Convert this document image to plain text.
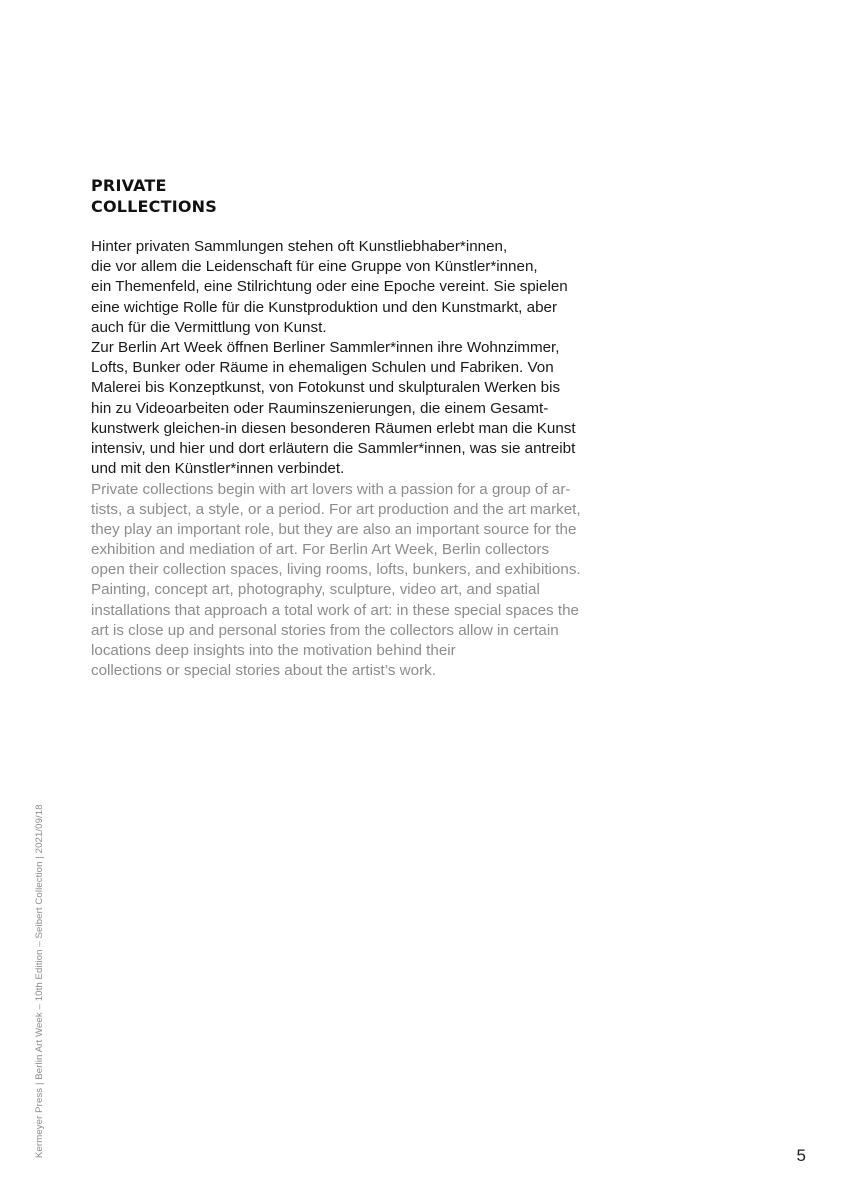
PRIVATE
COLLECTIONS
Hinter privaten Sammlungen stehen oft Kunstliebhaber*innen,
die vor allem die Leidenschaft für eine Gruppe von Künstler*innen,
ein Themenfeld, eine Stilrichtung oder eine Epoche vereint. Sie spielen
eine wichtige Rolle für die Kunstproduktion und den Kunstmarkt, aber
auch für die Vermittlung von Kunst.
Zur Berlin Art Week öffnen Berliner Sammler*innen ihre Wohnzimmer,
Lofts, Bunker oder Räume in ehemaligen Schulen und Fabriken. Von
Malerei bis Konzeptkunst, von Fotokunst und skulpturalen Werken bis
hin zu Videoarbeiten oder Rauminszenierungen, die einem Gesamt-
kunstwerk gleichen-in diesen besonderen Räumen erlebt man die Kunst
intensiv, und hier und dort erläutern die Sammler*innen, was sie antreibt
und mit den Künstler*innen verbindet.
Private collections begin with art lovers with a passion for a group of ar-
tists, a subject, a style, or a period. For art production and the art market,
they play an important role, but they are also an important source for the
exhibition and mediation of art. For Berlin Art Week, Berlin collectors
open their collection spaces, living rooms, lofts, bunkers, and exhibitions.
Painting, concept art, photography, sculpture, video art, and spatial
installations that approach a total work of art: in these special spaces the
art is close up and personal stories from the collectors allow in certain
locations deep insights into the motivation behind their
collections or special stories about the artist’s work.
Kermeyer Press | Berlin Art Week – 10th Edition – Seibert Collection | 2021/09/18	5
